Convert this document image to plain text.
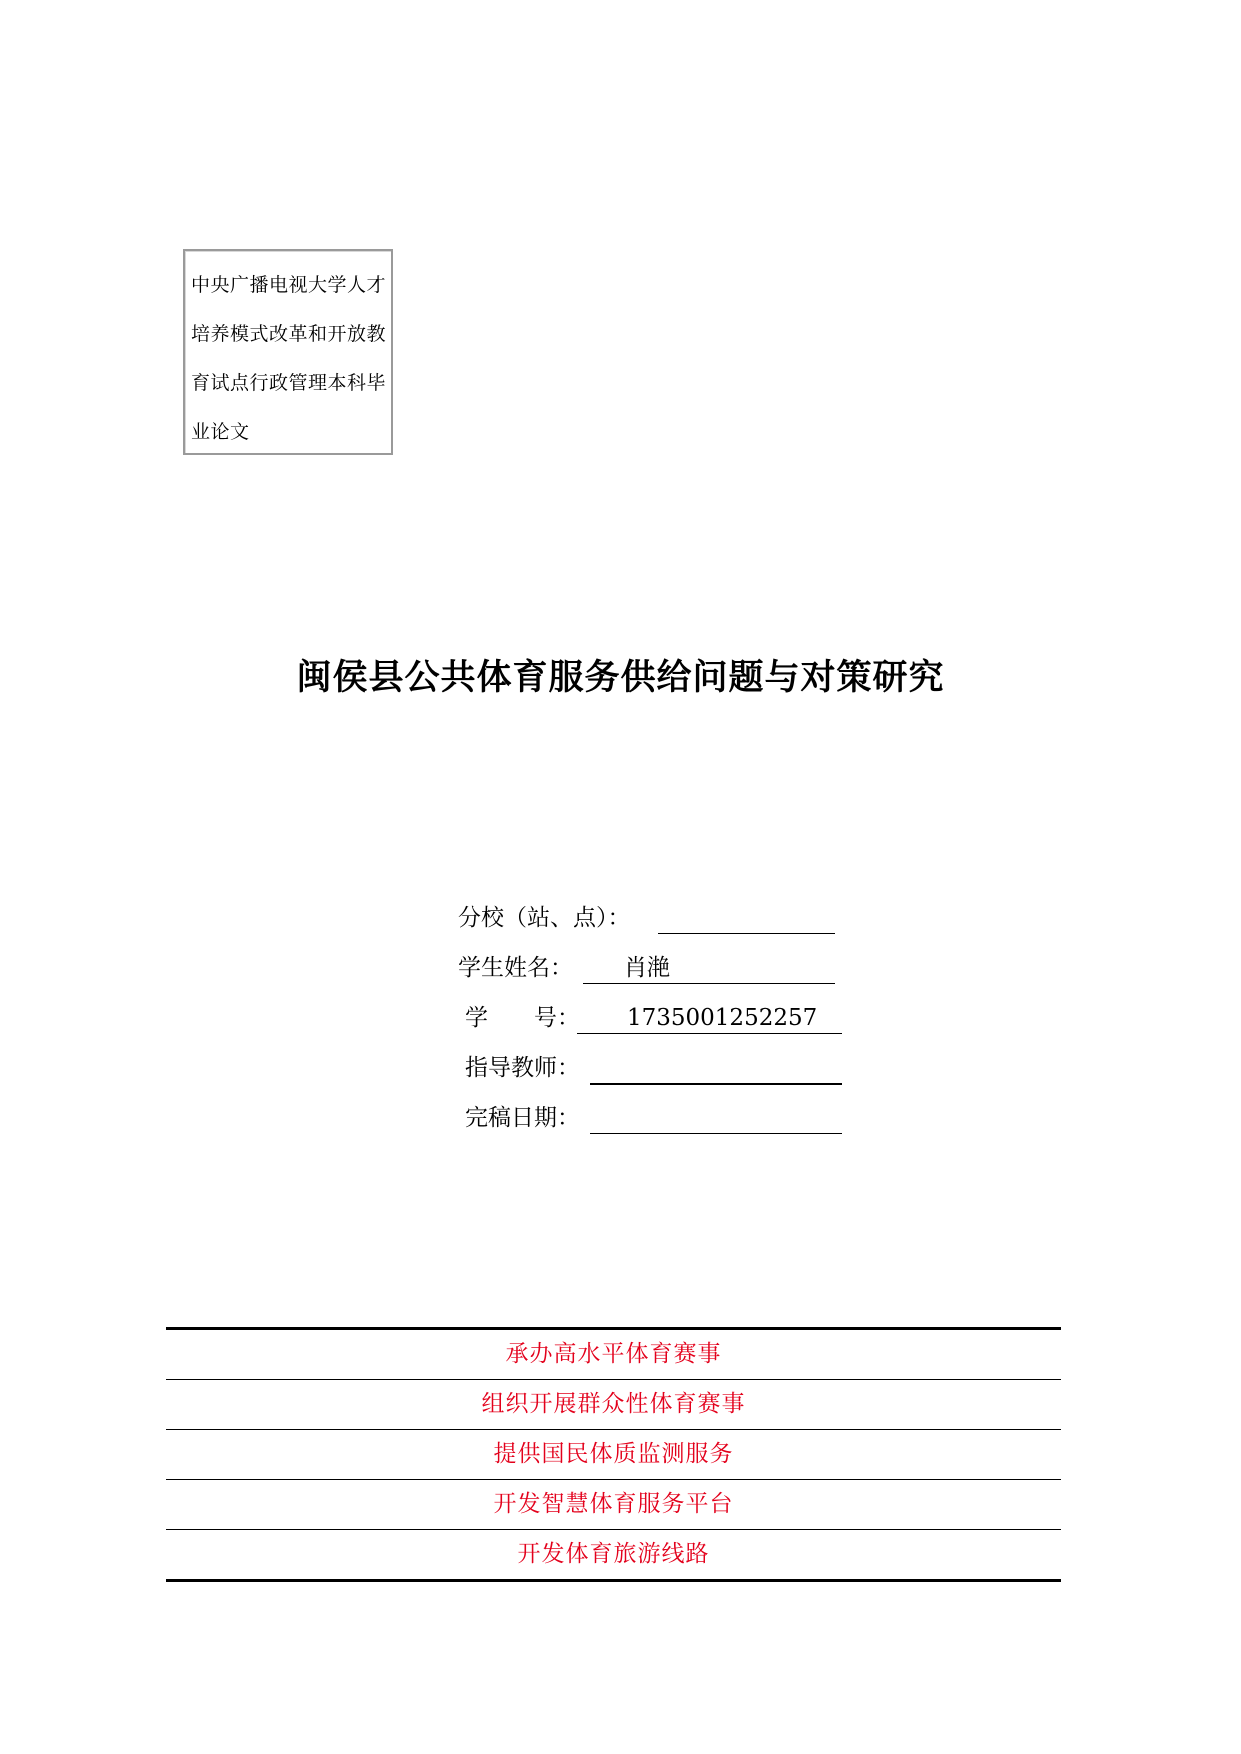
中央广播电视大学人才
培养模式改革和开放教
育试点行政管理本科毕
业论文
闽侯县公共体育服务供给问题与对策研究
分校（站、点）：
学生姓名： 肖滟
学　　号： 1735001252257
指导教师：
完稿日期：
承办高水平体育赛事
组织开展群众性体育赛事
提供国民体质监测服务
开发智慧体育服务平台
开发体育旅游线路
